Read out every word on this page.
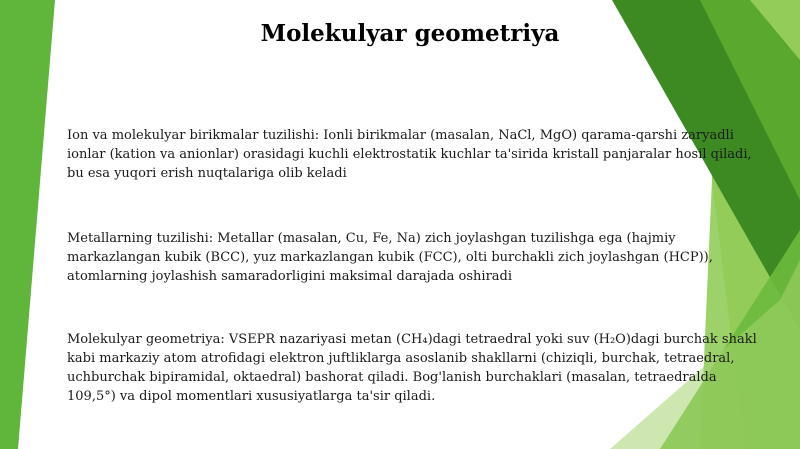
Molekulyar geometriya
Ion va molekulyar birikmalar tuzilishi: Ionli birikmalar (masalan, NaCl, MgO) qarama-qarshi zaryadli ionlar (kation va anionlar) orasidagi kuchli elektrostatik kuchlar ta'sirida kristall panjaralar hosil qiladi, bu esa yuqori erish nuqtalariga olib keladi
Metallarning tuzilishi: Metallar (masalan, Cu, Fe, Na) zich joylashgan tuzilishga ega (hajmiy markazlangan kubik (BCC), yuz markazlangan kubik (FCC), olti burchakli zich joylashgan (HCP)), atomlarning joylashish samaradorligini maksimal darajada oshiradi
Molekulyar geometriya: VSEPR nazariyasi metan (CH₄)dagi tetraedral yoki suv (H₂O)dagi burchak shakl kabi markaziy atom atrofidagi elektron juftliklarga asoslanib shakllarni (chiziqli, burchak, tetraedral, uchburchak bipiramidal, oktaedral) bashorat qiladi. Bog'lanish burchaklari (masalan, tetraedralda 109,5°) va dipol momentlari xususiyatlarga ta'sir qiladi.
